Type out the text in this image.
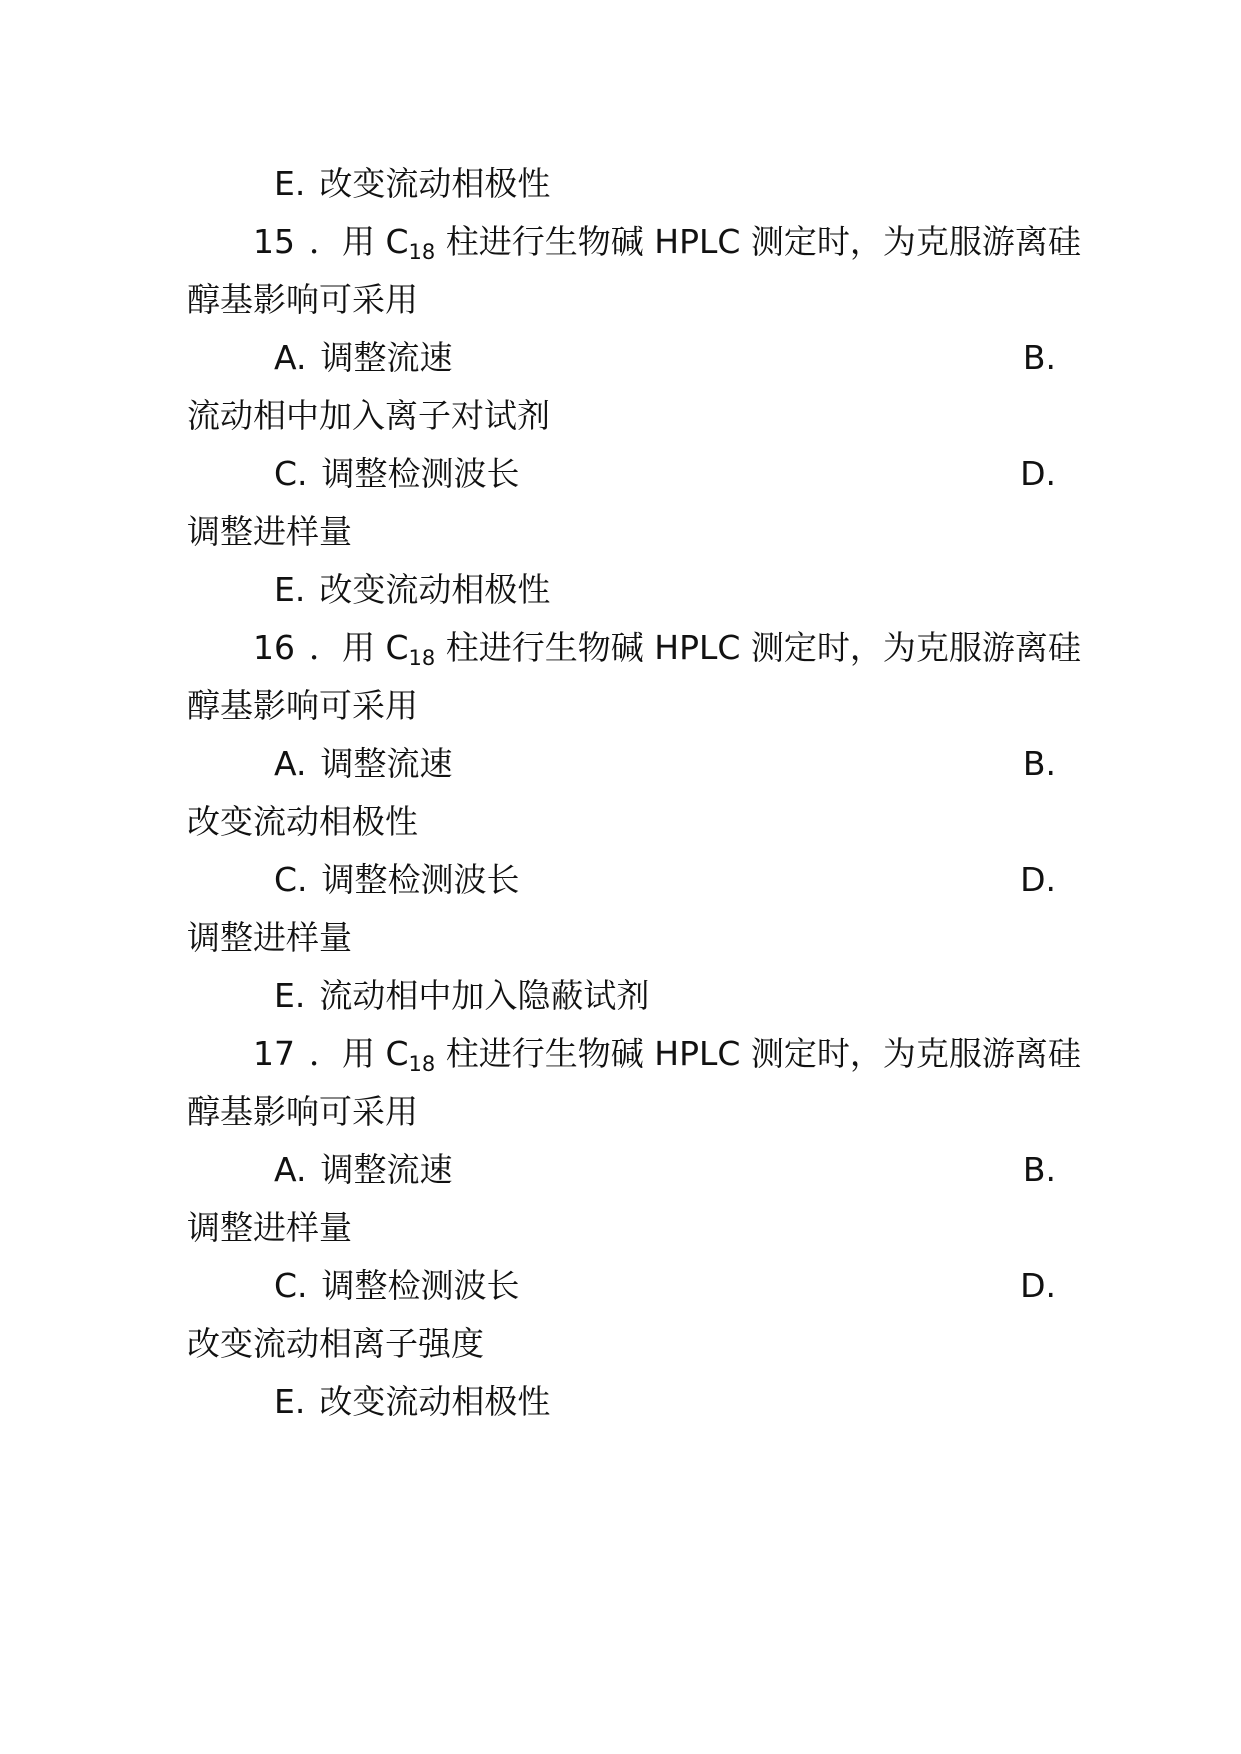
E. 改变流动相极性
15 ．用 $C_{18}$ 柱进行生物碱 HPLC 测定时，为克服游离硅
醇基影响可采用
A. 调整流速	B.
流动相中加入离子对试剂
C. 调整检测波长	D.
调整进样量
E. 改变流动相极性
16 ．用 $C_{18}$ 柱进行生物碱 HPLC 测定时，为克服游离硅
醇基影响可采用
A. 调整流速	B.
改变流动相极性
C. 调整检测波长	D.
调整进样量
E. 流动相中加入隐蔽试剂
17 ．用 $C_{18}$ 柱进行生物碱 HPLC 测定时，为克服游离硅
醇基影响可采用
A. 调整流速	B.
调整进样量
C. 调整检测波长	D.
改变流动相离子强度
E. 改变流动相极性
